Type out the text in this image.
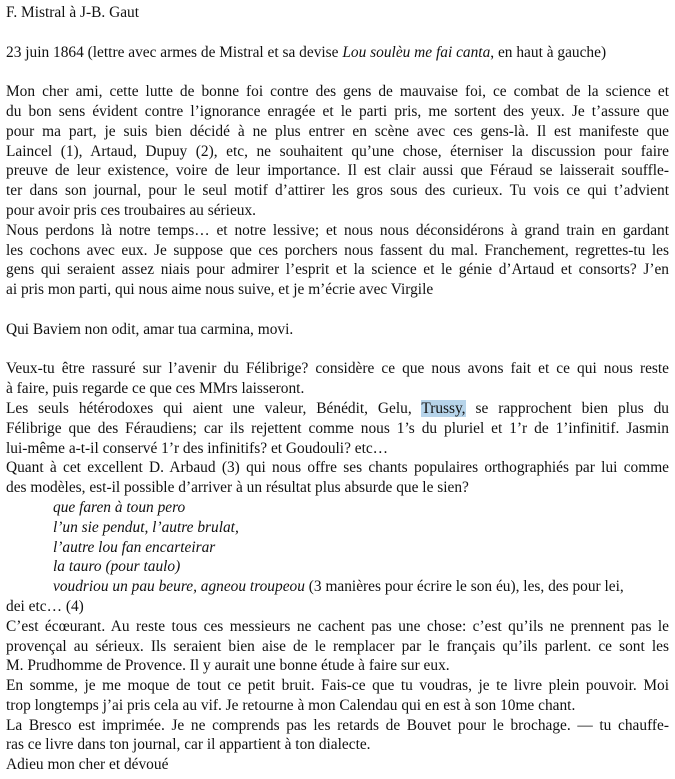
F. Mistral à J-B. Gaut
23 juin 1864 (lettre avec armes de Mistral et sa devise Lou soulèu me fai canta, en haut à gauche)
Mon cher ami, cette lutte de bonne foi contre des gens de mauvaise foi, ce combat de la science et
du bon sens évident contre l’ignorance enragée et le parti pris, me sortent des yeux. Je t’assure que
pour ma part, je suis bien décidé à ne plus entrer en scène avec ces gens-là. Il est manifeste que
Laincel (1), Artaud, Dupuy (2), etc, ne souhaitent qu’une chose, éterniser la discussion pour faire
preuve de leur existence, voire de leur importance. Il est clair aussi que Féraud se laisserait souffle-
ter dans son journal, pour le seul motif d’attirer les gros sous des curieux. Tu vois ce qui t’advient
pour avoir pris ces troubaires au sérieux.
Nous perdons là notre temps… et notre lessive; et nous nous déconsidérons à grand train en gardant
les cochons avec eux. Je suppose que ces porchers nous fassent du mal. Franchement, regrettes-tu les
gens qui seraient assez niais pour admirer l’esprit et la science et le génie d’Artaud et consorts? J’en
ai pris mon parti, qui nous aime nous suive, et je m’écrie avec Virgile
Qui Baviem non odit, amar tua carmina, movi.
Veux-tu être rassuré sur l’avenir du Félibrige? considère ce que nous avons fait et ce qui nous reste
à faire, puis regarde ce que ces MMrs laisseront.
Les seuls hétérodoxes qui aient une valeur, Bénédit, Gelu, Trussy, se rapprochent bien plus du
Félibrige que des Féraudiens; car ils rejettent comme nous 1’s du pluriel et 1’r de 1’infinitif. Jasmin
lui-même a-t-il conservé 1’r des infinitifs? et Goudouli? etc…
Quant à cet excellent D. Arbaud (3) qui nous offre ses chants populaires orthographiés par lui comme
des modèles, est-il possible d’arriver à un résultat plus absurde que le sien?
que faren à toun pero
l’un sie pendut, l’autre brulat,
l’autre lou fan encarteirar
la tauro (pour taulo)
voudriou un pau beure, agneou troupeou (3 manières pour écrire le son éu), les, des pour lei,
dei etc… (4)
C’est écœurant. Au reste tous ces messieurs ne cachent pas une chose: c’est qu’ils ne prennent pas le
provençal au sérieux. Ils seraient bien aise de le remplacer par le français qu’ils parlent. ce sont les
M. Prudhomme de Provence. Il y aurait une bonne étude à faire sur eux.
En somme, je me moque de tout ce petit bruit. Fais-ce que tu voudras, je te livre plein pouvoir. Moi
trop longtemps j’ai pris cela au vif. Je retourne à mon Calendau qui en est à son 10me chant.
La Bresco est imprimée. Je ne comprends pas les retards de Bouvet pour le brochage. — tu chauffe-
ras ce livre dans ton journal, car il appartient à ton dialecte.
Adieu mon cher et dévoué
